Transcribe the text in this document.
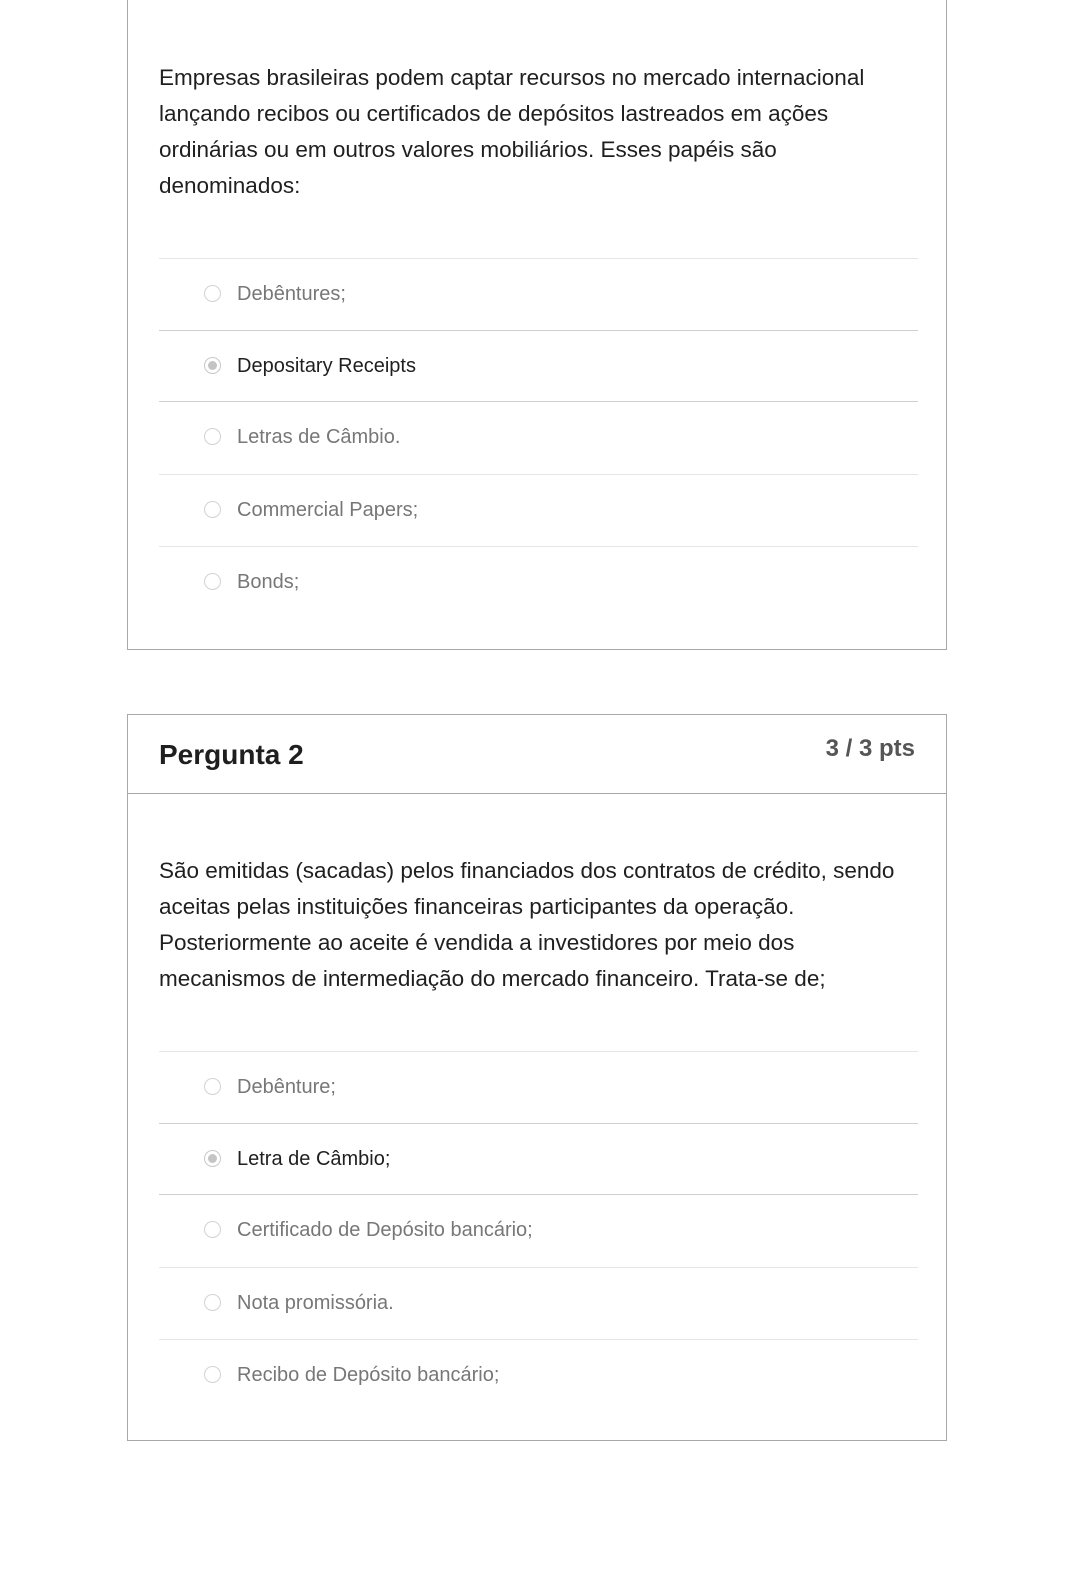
Empresas brasileiras podem captar recursos no mercado internacional lançando recibos ou certificados de depósitos lastreados em ações ordinárias ou em outros valores mobiliários. Esses papéis são denominados:
Debêntures;
Depositary Receipts
Letras de Câmbio.
Commercial Papers;
Bonds;
Pergunta 2	3 / 3 pts
São emitidas (sacadas) pelos financiados dos contratos de crédito, sendo aceitas pelas instituições financeiras participantes da operação. Posteriormente ao aceite é vendida a investidores por meio dos mecanismos de intermediação do mercado financeiro. Trata-se de;
Debênture;
Letra de Câmbio;
Certificado de Depósito bancário;
Nota promissória.
Recibo de Depósito bancário;
